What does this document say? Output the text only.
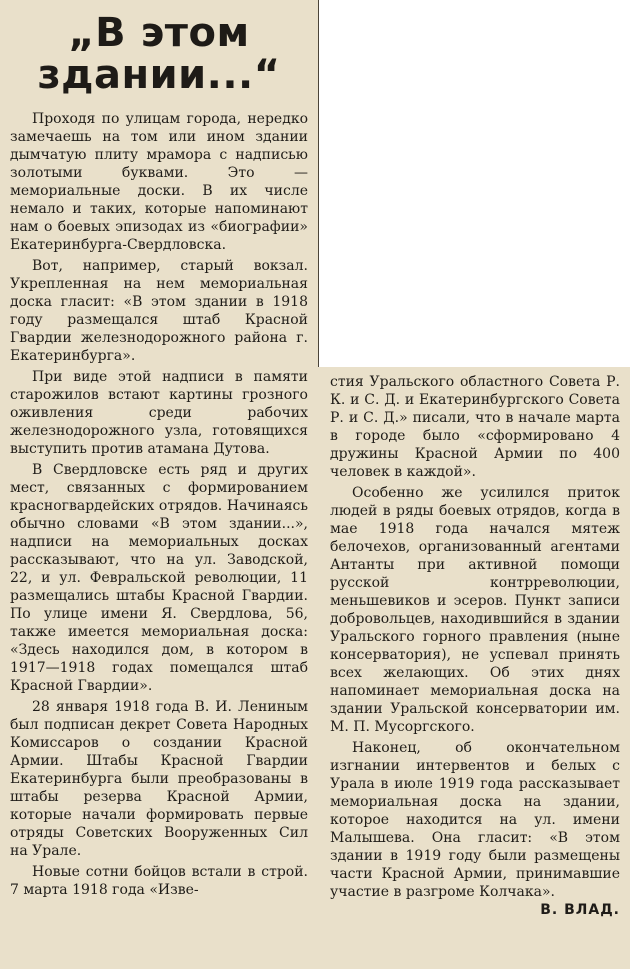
„В этом
здании...“

Проходя по улицам города, нередко замечаешь на том или ином здании дымчатую плиту мрамора с надписью золотыми буквами. Это — мемориальные доски. В их числе немало и таких, которые напоминают нам о боевых эпизодах из «биографии» Екатеринбурга-Свердловска.

Вот, например, старый вокзал. Укрепленная на нем мемориальная доска гласит: «В этом здании в 1918 году размещался штаб Красной Гвардии железнодорожного района г. Екатеринбурга».

При виде этой надписи в памяти старожилов встают картины грозного оживления среди рабочих железнодорожного узла, готовящихся выступить против атамана Дутова.

В Свердловске есть ряд и других мест, связанных с формированием красногвардейских отрядов. Начинаясь обычно словами «В этом здании...», надписи на мемориальных досках рассказывают, что на ул. Заводской, 22, и ул. Февральской революции, 11 размещались штабы Красной Гвардии. По улице имени Я. Свердлова, 56, также имеется мемориальная доска: «Здесь находился дом, в котором в 1917—1918 годах помещался штаб Красной Гвардии».

28 января 1918 года В. И. Лениным был подписан декрет Совета Народных Комиссаров о создании Красной Армии. Штабы Красной Гвардии Екатеринбурга были преобразованы в штабы резерва Красной Армии, которые начали формировать первые отряды Советских Вооруженных Сил на Урале.

Новые сотни бойцов встали в строй. 7 марта 1918 года «Изве-

стия Уральского областного Совета Р. К. и С. Д. и Екатеринбургского Совета Р. и С. Д.» писали, что в начале марта в городе было «сформировано 4 дружины Красной Армии по 400 человек в каждой».

Особенно же усилился приток людей в ряды боевых отрядов, когда в мае 1918 года начался мятеж белочехов, организованный агентами Антанты при активной помощи русской контрреволюции, меньшевиков и эсеров. Пункт записи добровольцев, находившийся в здании Уральского горного правления (ныне консерватория), не успевал принять всех желающих. Об этих днях напоминает мемориальная доска на здании Уральской консерватории им. М. П. Мусоргского.

Наконец, об окончательном изгнании интервентов и белых с Урала в июле 1919 года рассказывает мемориальная доска на здании, которое находится на ул. имени Малышева. Она гласит: «В этом здании в 1919 году были размещены части Красной Армии, принимавшие участие в разгроме Колчака».
В. ВЛАД.
